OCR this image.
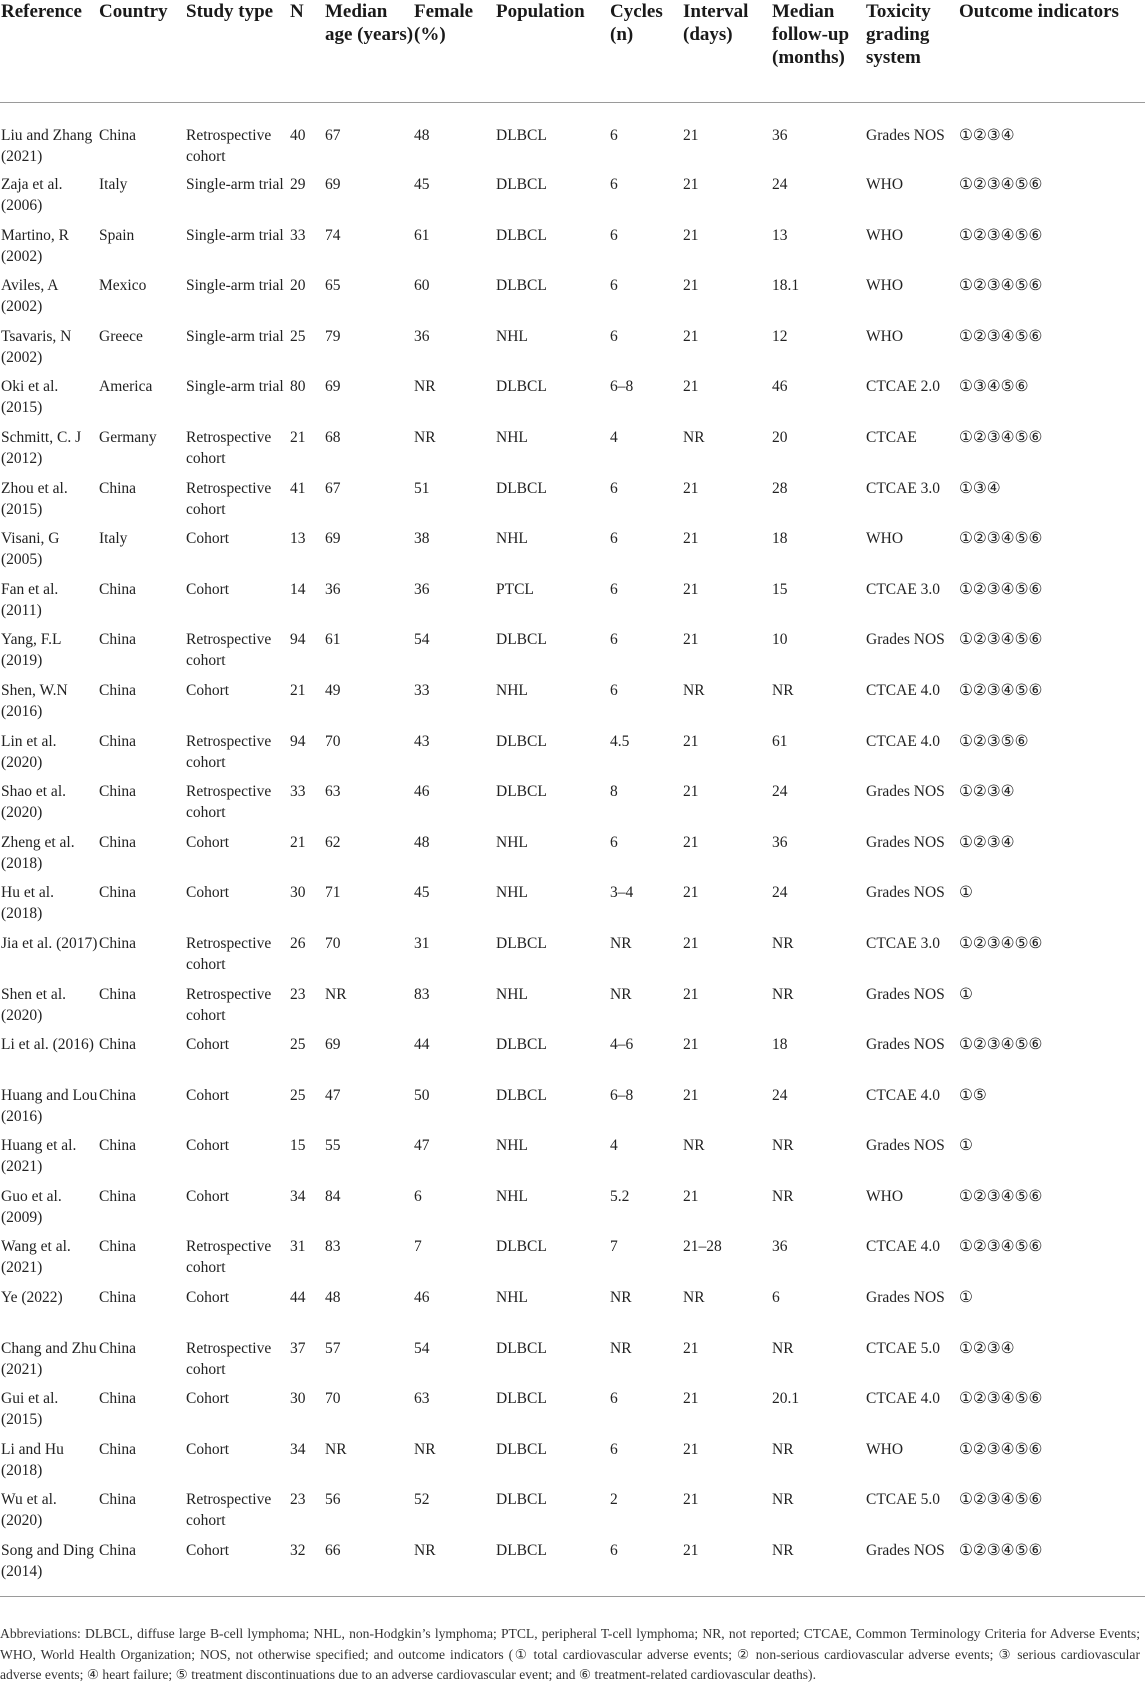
Reference	Country	Study type	N	Median age (years)	Female (%)	Population	Cycles (n)	Interval (days)	Median follow-up (months)	Toxicity grading system	Outcome indicators
Liu and Zhang (2021)	China	Retrospective cohort	40	67	48	DLBCL	6	21	36	Grades NOS	①②③④
Zaja et al. (2006)	Italy	Single-arm trial	29	69	45	DLBCL	6	21	24	WHO	①②③④⑤⑥
Martino, R (2002)	Spain	Single-arm trial	33	74	61	DLBCL	6	21	13	WHO	①②③④⑤⑥
Aviles, A (2002)	Mexico	Single-arm trial	20	65	60	DLBCL	6	21	18.1	WHO	①②③④⑤⑥
Tsavaris, N (2002)	Greece	Single-arm trial	25	79	36	NHL	6	21	12	WHO	①②③④⑤⑥
Oki et al. (2015)	America	Single-arm trial	80	69	NR	DLBCL	6–8	21	46	CTCAE 2.0	①③④⑤⑥
Schmitt, C. J (2012)	Germany	Retrospective cohort	21	68	NR	NHL	4	NR	20	CTCAE	①②③④⑤⑥
Zhou et al. (2015)	China	Retrospective cohort	41	67	51	DLBCL	6	21	28	CTCAE 3.0	①③④
Visani, G (2005)	Italy	Cohort	13	69	38	NHL	6	21	18	WHO	①②③④⑤⑥
Fan et al. (2011)	China	Cohort	14	36	36	PTCL	6	21	15	CTCAE 3.0	①②③④⑤⑥
Yang, F.L (2019)	China	Retrospective cohort	94	61	54	DLBCL	6	21	10	Grades NOS	①②③④⑤⑥
Shen, W.N (2016)	China	Cohort	21	49	33	NHL	6	NR	NR	CTCAE 4.0	①②③④⑤⑥
Lin et al. (2020)	China	Retrospective cohort	94	70	43	DLBCL	4.5	21	61	CTCAE 4.0	①②③⑤⑥
Shao et al. (2020)	China	Retrospective cohort	33	63	46	DLBCL	8	21	24	Grades NOS	①②③④
Zheng et al. (2018)	China	Cohort	21	62	48	NHL	6	21	36	Grades NOS	①②③④
Hu et al. (2018)	China	Cohort	30	71	45	NHL	3–4	21	24	Grades NOS	①
Jia et al. (2017)	China	Retrospective cohort	26	70	31	DLBCL	NR	21	NR	CTCAE 3.0	①②③④⑤⑥
Shen et al. (2020)	China	Retrospective cohort	23	NR	83	NHL	NR	21	NR	Grades NOS	①
Li et al. (2016)	China	Cohort	25	69	44	DLBCL	4–6	21	18	Grades NOS	①②③④⑤⑥
Huang and Lou (2016)	China	Cohort	25	47	50	DLBCL	6–8	21	24	CTCAE 4.0	①⑤
Huang et al. (2021)	China	Cohort	15	55	47	NHL	4	NR	NR	Grades NOS	①
Guo et al. (2009)	China	Cohort	34	84	6	NHL	5.2	21	NR	WHO	①②③④⑤⑥
Wang et al. (2021)	China	Retrospective cohort	31	83	7	DLBCL	7	21–28	36	CTCAE 4.0	①②③④⑤⑥
Ye (2022)	China	Cohort	44	48	46	NHL	NR	NR	6	Grades NOS	①
Chang and Zhu (2021)	China	Retrospective cohort	37	57	54	DLBCL	NR	21	NR	CTCAE 5.0	①②③④
Gui et al. (2015)	China	Cohort	30	70	63	DLBCL	6	21	20.1	CTCAE 4.0	①②③④⑤⑥
Li and Hu (2018)	China	Cohort	34	NR	NR	DLBCL	6	21	NR	WHO	①②③④⑤⑥
Wu et al. (2020)	China	Retrospective cohort	23	56	52	DLBCL	2	21	NR	CTCAE 5.0	①②③④⑤⑥
Song and Ding (2014)	China	Cohort	32	66	NR	DLBCL	6	21	NR	Grades NOS	①②③④⑤⑥
Abbreviations: DLBCL, diffuse large B-cell lymphoma; NHL, non-Hodgkin’s lymphoma; PTCL, peripheral T-cell lymphoma; NR, not reported; CTCAE, Common Terminology Criteria for Adverse Events; WHO, World Health Organization; NOS, not otherwise specified; and outcome indicators (① total cardiovascular adverse events; ② non-serious cardiovascular adverse events; ③ serious cardiovascular adverse events; ④ heart failure; ⑤ treatment discontinuations due to an adverse cardiovascular event; and ⑥ treatment-related cardiovascular deaths).
